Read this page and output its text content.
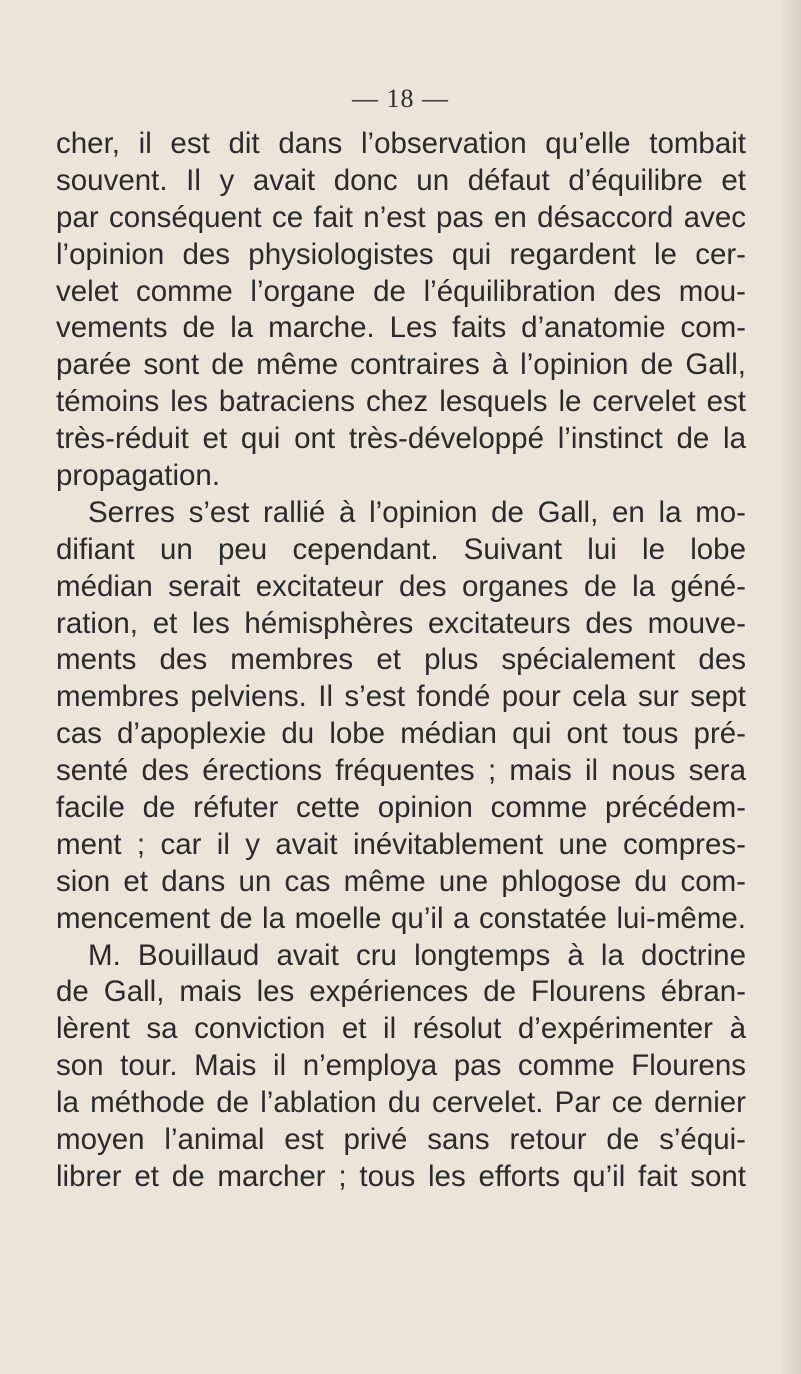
— 18 —
cher, il est dit dans l’observation qu’elle tombait
souvent. Il y avait donc un défaut d’équilibre et
par conséquent ce fait n’est pas en désaccord avec
l’opinion des physiologistes qui regardent le cer-
velet comme l’organe de l’équilibration des mou-
vements de la marche. Les faits d’anatomie com-
parée sont de même contraires à l’opinion de Gall,
témoins les batraciens chez lesquels le cervelet est
très-réduit et qui ont très-développé l’instinct de la
propagation.
Serres s’est rallié à l’opinion de Gall, en la mo-
difiant un peu cependant. Suivant lui le lobe
médian serait excitateur des organes de la géné-
ration, et les hémisphères excitateurs des mouve-
ments des membres et plus spécialement des
membres pelviens. Il s’est fondé pour cela sur sept
cas d’apoplexie du lobe médian qui ont tous pré-
senté des érections fréquentes ; mais il nous sera
facile de réfuter cette opinion comme précédem-
ment ; car il y avait inévitablement une compres-
sion et dans un cas même une phlogose du com-
mencement de la moelle qu’il a constatée lui-même.
M. Bouillaud avait cru longtemps à la doctrine
de Gall, mais les expériences de Flourens ébran-
lèrent sa conviction et il résolut d’expérimenter à
son tour. Mais il n’employa pas comme Flourens
la méthode de l’ablation du cervelet. Par ce dernier
moyen l’animal est privé sans retour de s’équi-
librer et de marcher ; tous les efforts qu’il fait sont
